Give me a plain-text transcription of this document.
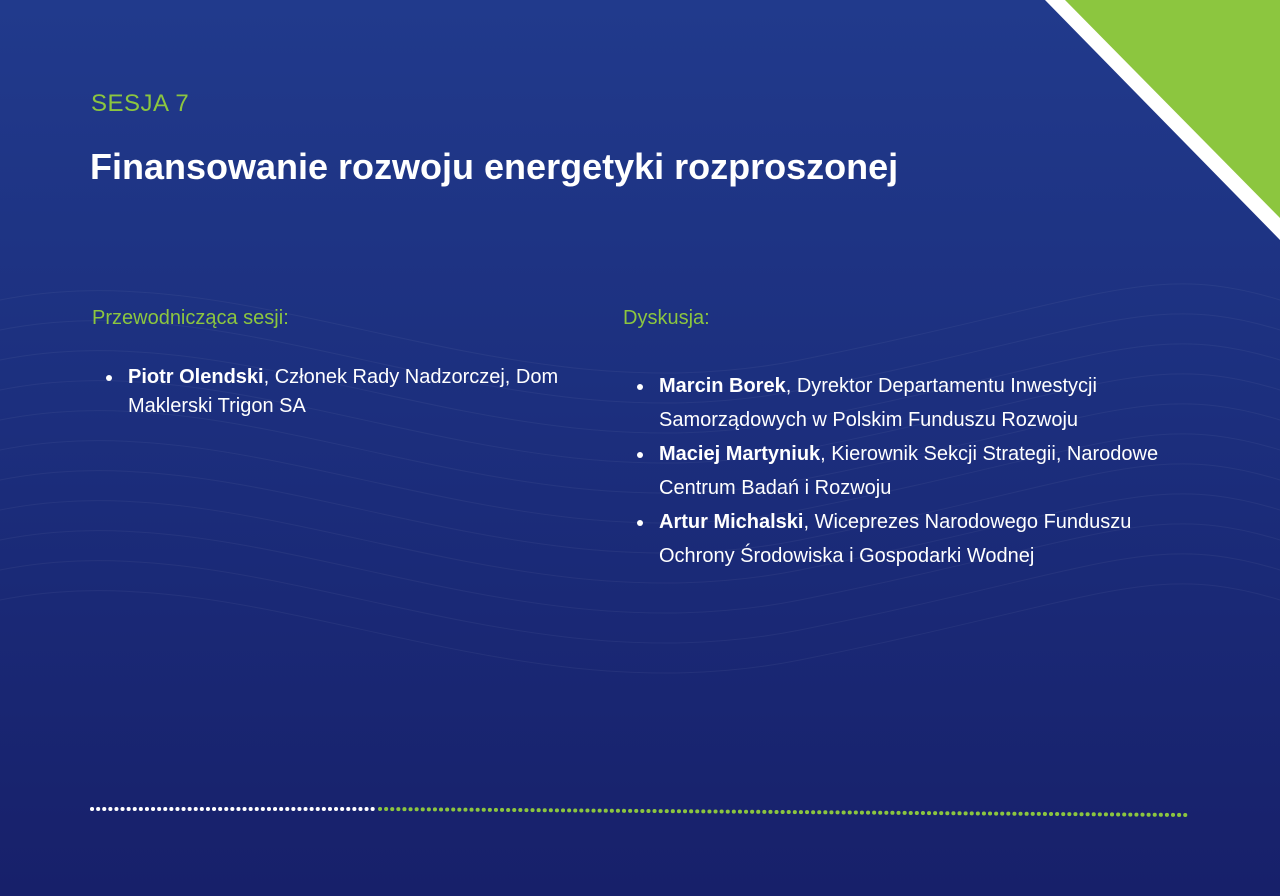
SESJA 7
Finansowanie rozwoju energetyki rozproszonej
Przewodnicząca sesji:
Piotr Olendski, Członek Rady Nadzorczej, Dom Maklerski Trigon SA
Dyskusja:
Marcin Borek, Dyrektor Departamentu Inwestycji Samorządowych w Polskim Funduszu Rozwoju
Maciej Martyniuk, Kierownik Sekcji Strategii, Narodowe Centrum Badań i Rozwoju
Artur Michalski, Wiceprezes Narodowego Funduszu Ochrony Środowiska i Gospodarki Wodnej
